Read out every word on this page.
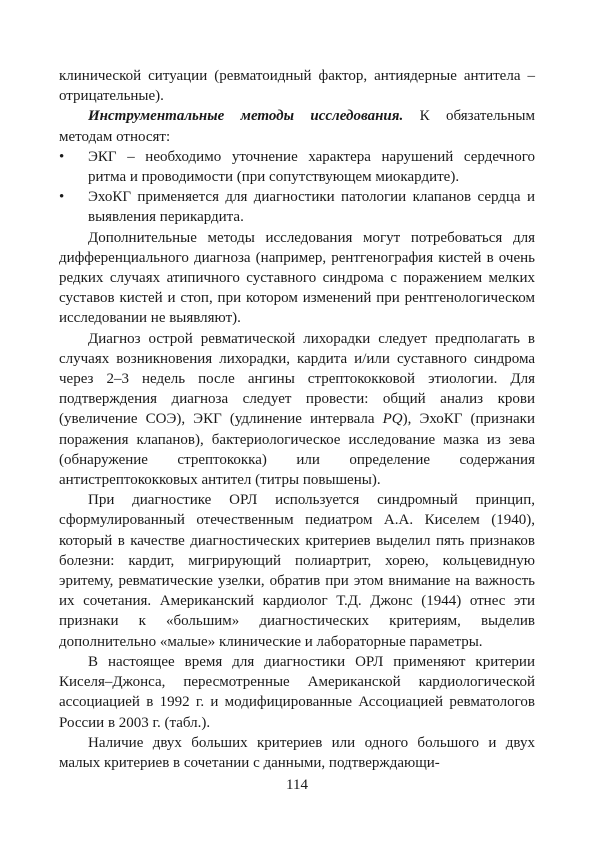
клинической ситуации (ревматоидный фактор, антиядерные антитела – отрицательные).

Инструментальные методы исследования. К обязательным методам относят:

• ЭКГ – необходимо уточнение характера нарушений сердечного ритма и проводимости (при сопутствующем миокардите).
• ЭхоКГ применяется для диагностики патологии клапанов сердца и выявления перикардита.

Дополнительные методы исследования могут потребоваться для дифференциального диагноза (например, рентгенография кистей в очень редких случаях атипичного суставного синдрома с поражением мелких суставов кистей и стоп, при котором изменений при рентгенологическом исследовании не выявляют).

Диагноз острой ревматической лихорадки следует предполагать в случаях возникновения лихорадки, кардита и/или суставного синдрома через 2–3 недель после ангины стрептококковой этиологии. Для подтверждения диагноза следует провести: общий анализ крови (увеличение СОЭ), ЭКГ (удлинение интервала PQ), ЭхоКГ (признаки поражения клапанов), бактериологическое исследование мазка из зева (обнаружение стрептококка) или определение содержания антистрептококковых антител (титры повышены).

При диагностике ОРЛ используется синдромный принцип, сформулированный отечественным педиатром А.А. Киселем (1940), который в качестве диагностических критериев выделил пять признаков болезни: кардит, мигрирующий полиартрит, хорею, кольцевидную эритему, ревматические узелки, обратив при этом внимание на важность их сочетания. Американский кардиолог Т.Д. Джонс (1944) отнес эти признаки к «большим» диагностических критериям, выделив дополнительно «малые» клинические и лабораторные параметры.

В настоящее время для диагностики ОРЛ применяют критерии Киселя–Джонса, пересмотренные Американской кардиологической ассоциацией в 1992 г. и модифицированные Ассоциацией ревматологов России в 2003 г. (табл.).

Наличие двух больших критериев или одного большого и двух малых критериев в сочетании с данными, подтверждающи-

114
